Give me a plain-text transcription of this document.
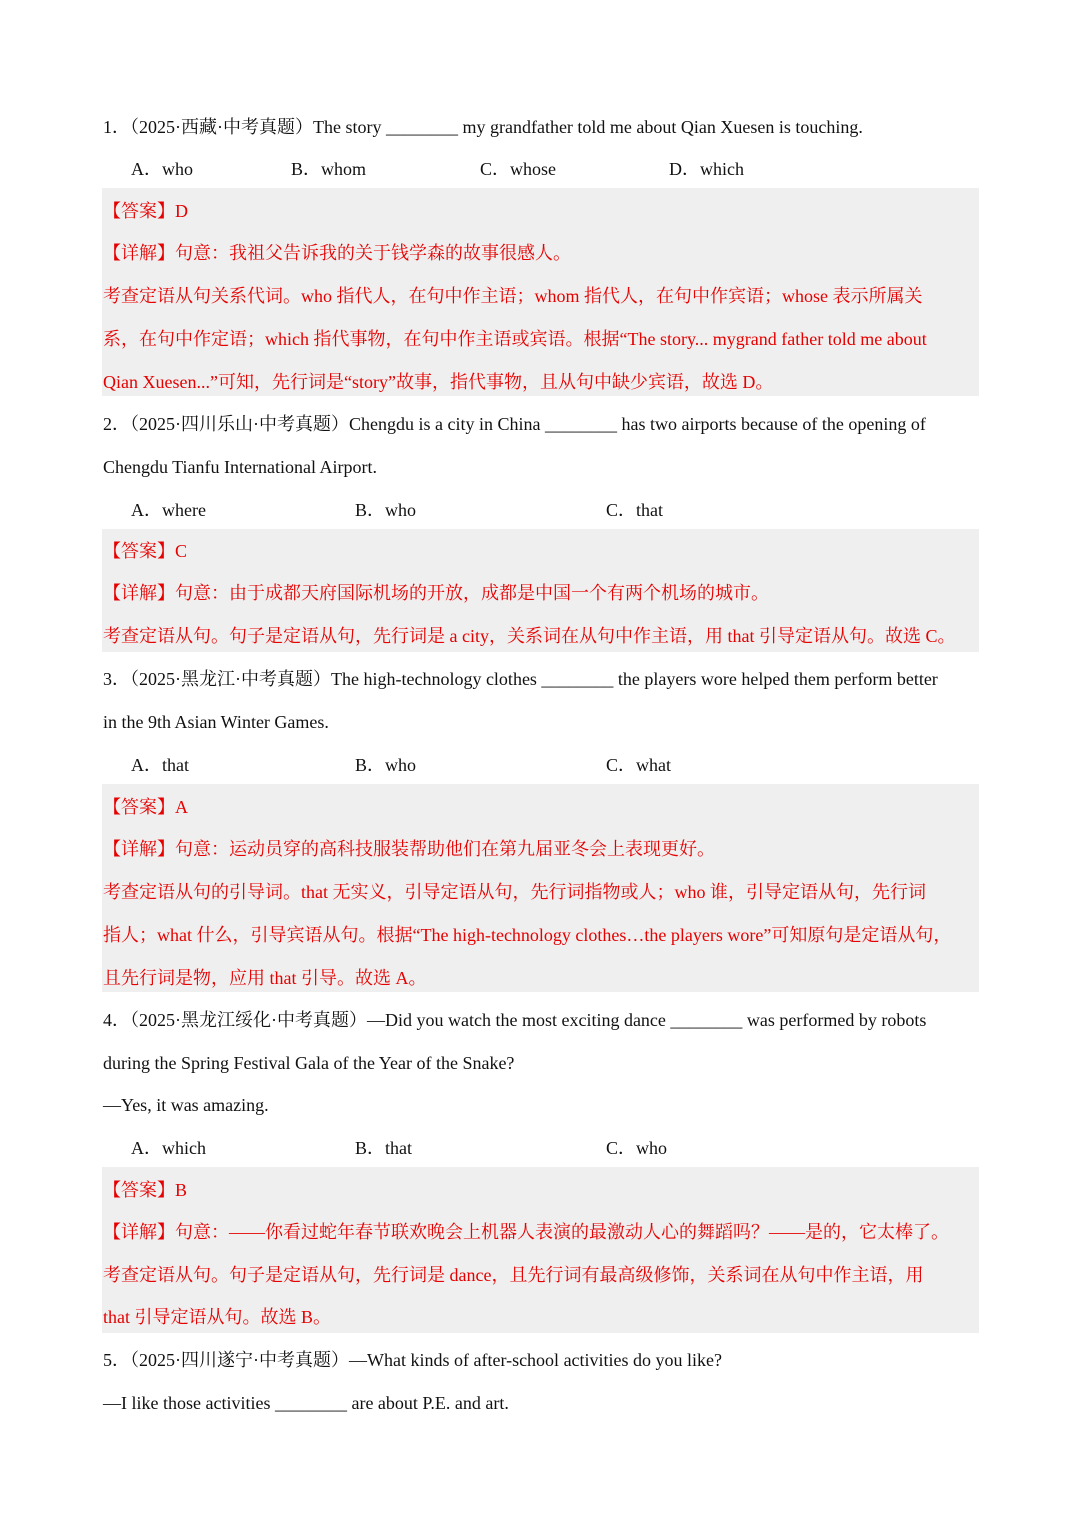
1．（2025·西藏·中考真题）The story ________ my grandfather told me about Qian Xuesen is touching.
A．who	B．whom	C．whose	D．which
【答案】D
【详解】句意：我祖父告诉我的关于钱学森的故事很感人。
考查定语从句关系代词。who 指代人，在句中作主语；whom 指代人，在句中作宾语；whose 表示所属关
系，在句中作定语；which 指代事物，在句中作主语或宾语。根据“The story... mygrand father told me about
Qian Xuesen...”可知，先行词是“story”故事，指代事物，且从句中缺少宾语，故选 D。
2．（2025·四川乐山·中考真题）Chengdu is a city in China ________ has two airports because of the opening of
Chengdu Tianfu International Airport.
A．where	B．who	C．that
【答案】C
【详解】句意：由于成都天府国际机场的开放，成都是中国一个有两个机场的城市。
考查定语从句。句子是定语从句，先行词是 a city，关系词在从句中作主语，用 that 引导定语从句。故选 C。
3．（2025·黑龙江·中考真题）The high-technology clothes ________ the players wore helped them perform better
in the 9th Asian Winter Games.
A．that	B．who	C．what
【答案】A
【详解】句意：运动员穿的高科技服装帮助他们在第九届亚冬会上表现更好。
考查定语从句的引导词。that 无实义，引导定语从句，先行词指物或人；who 谁，引导定语从句，先行词
指人；what 什么，引导宾语从句。根据“The high-technology clothes…the players wore”可知原句是定语从句，
且先行词是物，应用 that 引导。故选 A。
4．（2025·黑龙江绥化·中考真题）—Did you watch the most exciting dance ________ was performed by robots
during the Spring Festival Gala of the Year of the Snake?
—Yes, it was amazing.
A．which	B．that	C．who
【答案】B
【详解】句意：——你看过蛇年春节联欢晚会上机器人表演的最激动人心的舞蹈吗？——是的，它太棒了。
考查定语从句。句子是定语从句，先行词是 dance，且先行词有最高级修饰，关系词在从句中作主语，用
that 引导定语从句。故选 B。
5．（2025·四川遂宁·中考真题）—What kinds of after-school activities do you like?
—I like those activities ________ are about P.E. and art.
